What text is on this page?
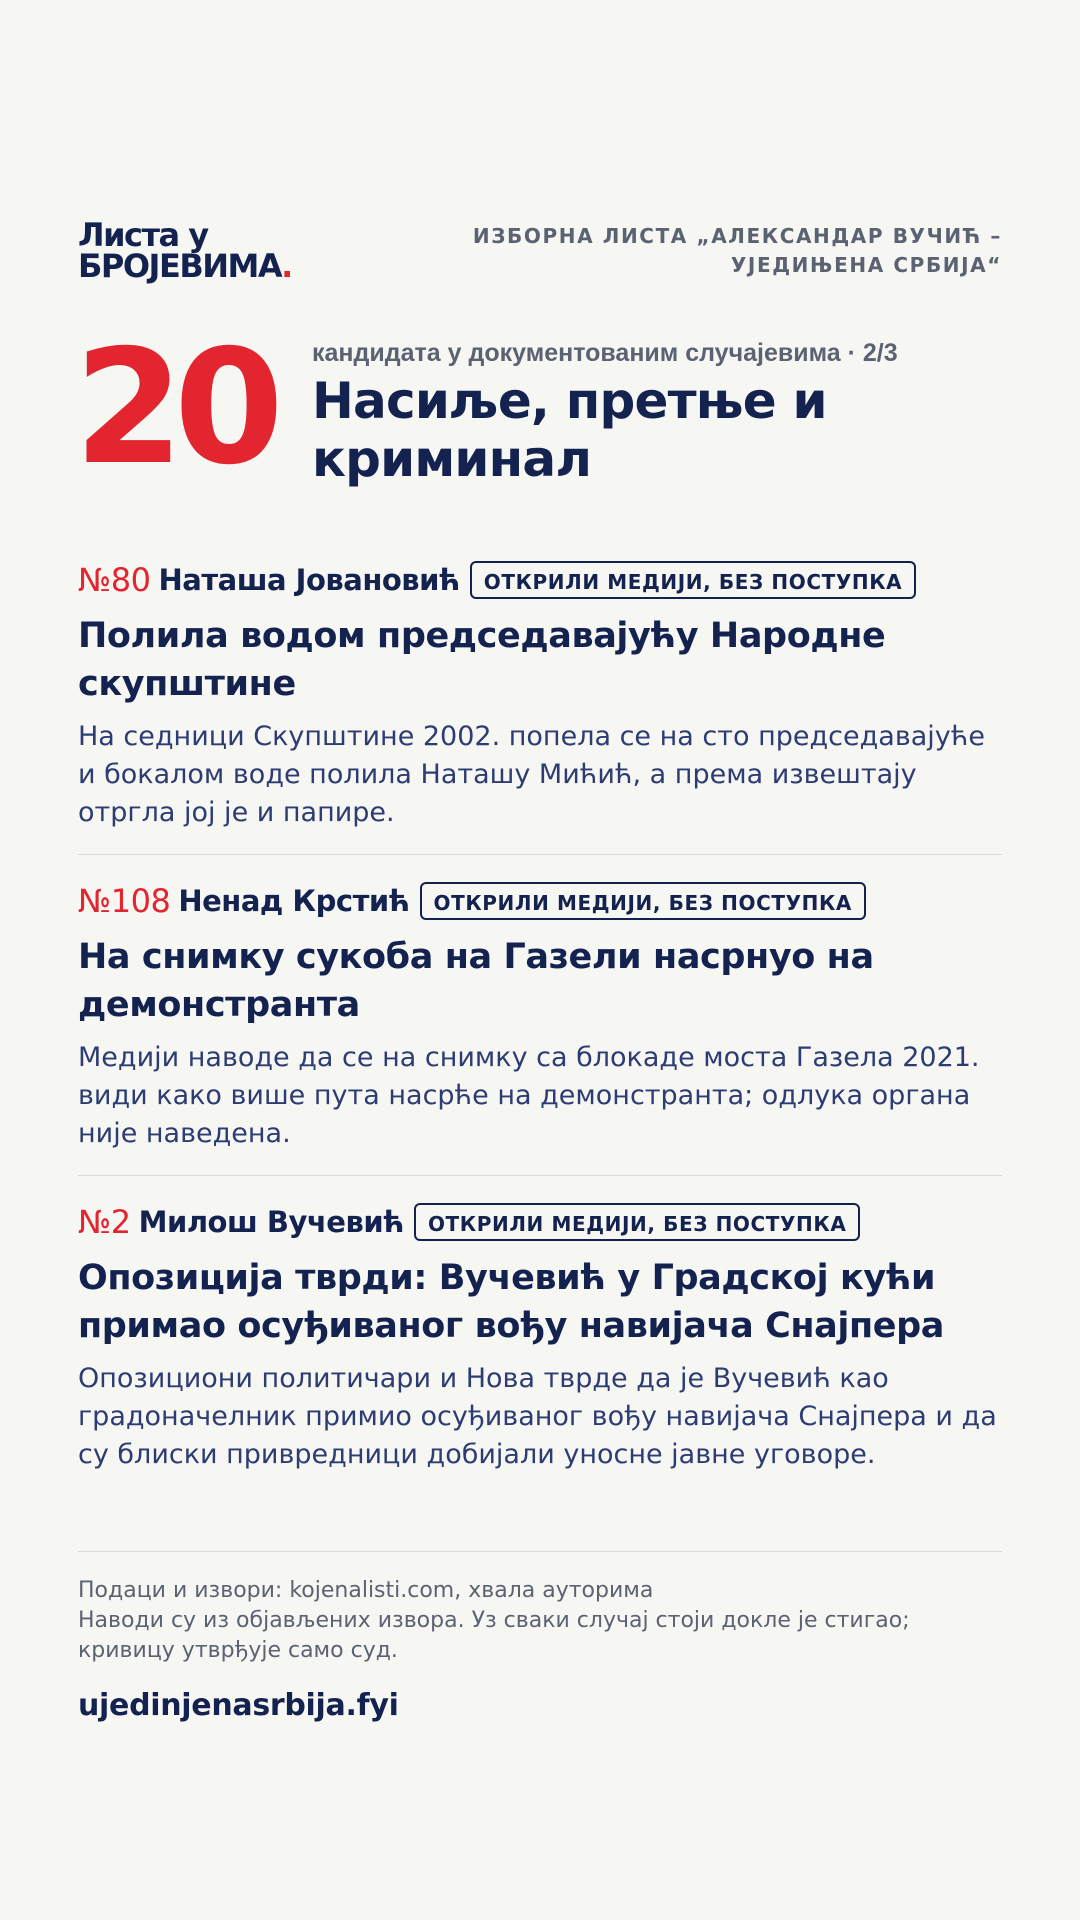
Листа у
БРОЈЕВИМА.
ИЗБОРНА ЛИСТА „АЛЕКСАНДАР ВУЧИЋ – УЈЕДИЊЕНА СРБИЈА“
20 кандидата у документованим случајевима · 2/3
Насиље, претње и
криминал
№80 Наташа Јовановић	ОТКРИЛИ МЕДИЈИ, БЕЗ ПОСТУПКА
Полила водом председавајућу Народне скупштине
На седници Скупштине 2002. попела се на сто председавајуће и бокалом воде полила Наташу Мићић, а према извештају отргла јој је и папире.
№108 Ненад Крстић	ОТКРИЛИ МЕДИЈИ, БЕЗ ПОСТУПКА
На снимку сукоба на Газели насрнуо на демонстранта
Медији наводе да се на снимку са блокаде моста Газела 2021. види како више пута насрће на демонстранта; одлука органа није наведена.
№2 Милош Вучевић	ОТКРИЛИ МЕДИЈИ, БЕЗ ПОСТУПКА
Опозиција тврди: Вучевић у Градској кући примао осуђиваног вођу навијача Снајпера
Опозициони политичари и Нова тврде да је Вучевић као градоначелник примио осуђиваног вођу навијача Снајпера и да су блиски привредници добијали уносне јавне уговоре.
Подаци и извори: kojenalisti.com, хвала ауторима
Наводи су из објављених извора. Уз сваки случај стоји докле је стигао; кривицу утврђује само суд.
ujedinjenasrbija.fyi
